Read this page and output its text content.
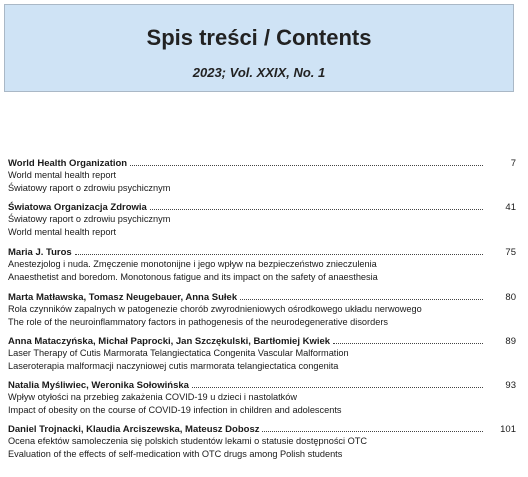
Spis treści / Contents
2023; Vol. XXIX, No. 1
World Health Organization	7
World mental health report
Światowy raport o zdrowiu psychicznym
Światowa Organizacja Zdrowia	41
Światowy raport o zdrowiu psychicznym
World mental health report
Maria J. Turos	75
Anestezjolog i nuda. Zmęczenie monotonijne i jego wpływ na bezpieczeństwo znieczulenia
Anaesthetist and boredom. Monotonous fatigue and its impact on the safety of anaesthesia
Marta Matławska, Tomasz Neugebauer, Anna Sułek	80
Rola czynników zapalnych w patogenezie chorób zwyrodnieniowych ośrodkowego układu nerwowego
The role of the neuroinflammatory factors in pathogenesis of the neurodegenerative disorders
Anna Mataczyńska, Michał Paprocki, Jan Szczękulski, Bartłomiej Kwiek	89
Laser Therapy of Cutis Marmorata Telangiectatica Congenita Vascular Malformation
Laseroterapia malformacji naczyniowej cutis marmorata telangiectatica congenita
Natalia Myśliwiec, Weronika Sołowińska	93
Wpływ otyłości na przebieg zakażenia COVID-19 u dzieci i nastolatków
Impact of obesity on the course of COVID-19 infection in children and adolescents
Daniel Trojnacki, Klaudia Arciszewska, Mateusz Dobosz	101
Ocena efektów samoleczenia się polskich studentów lekami o statusie dostępności OTC
Evaluation of the effects of self-medication with OTC drugs among Polish students
